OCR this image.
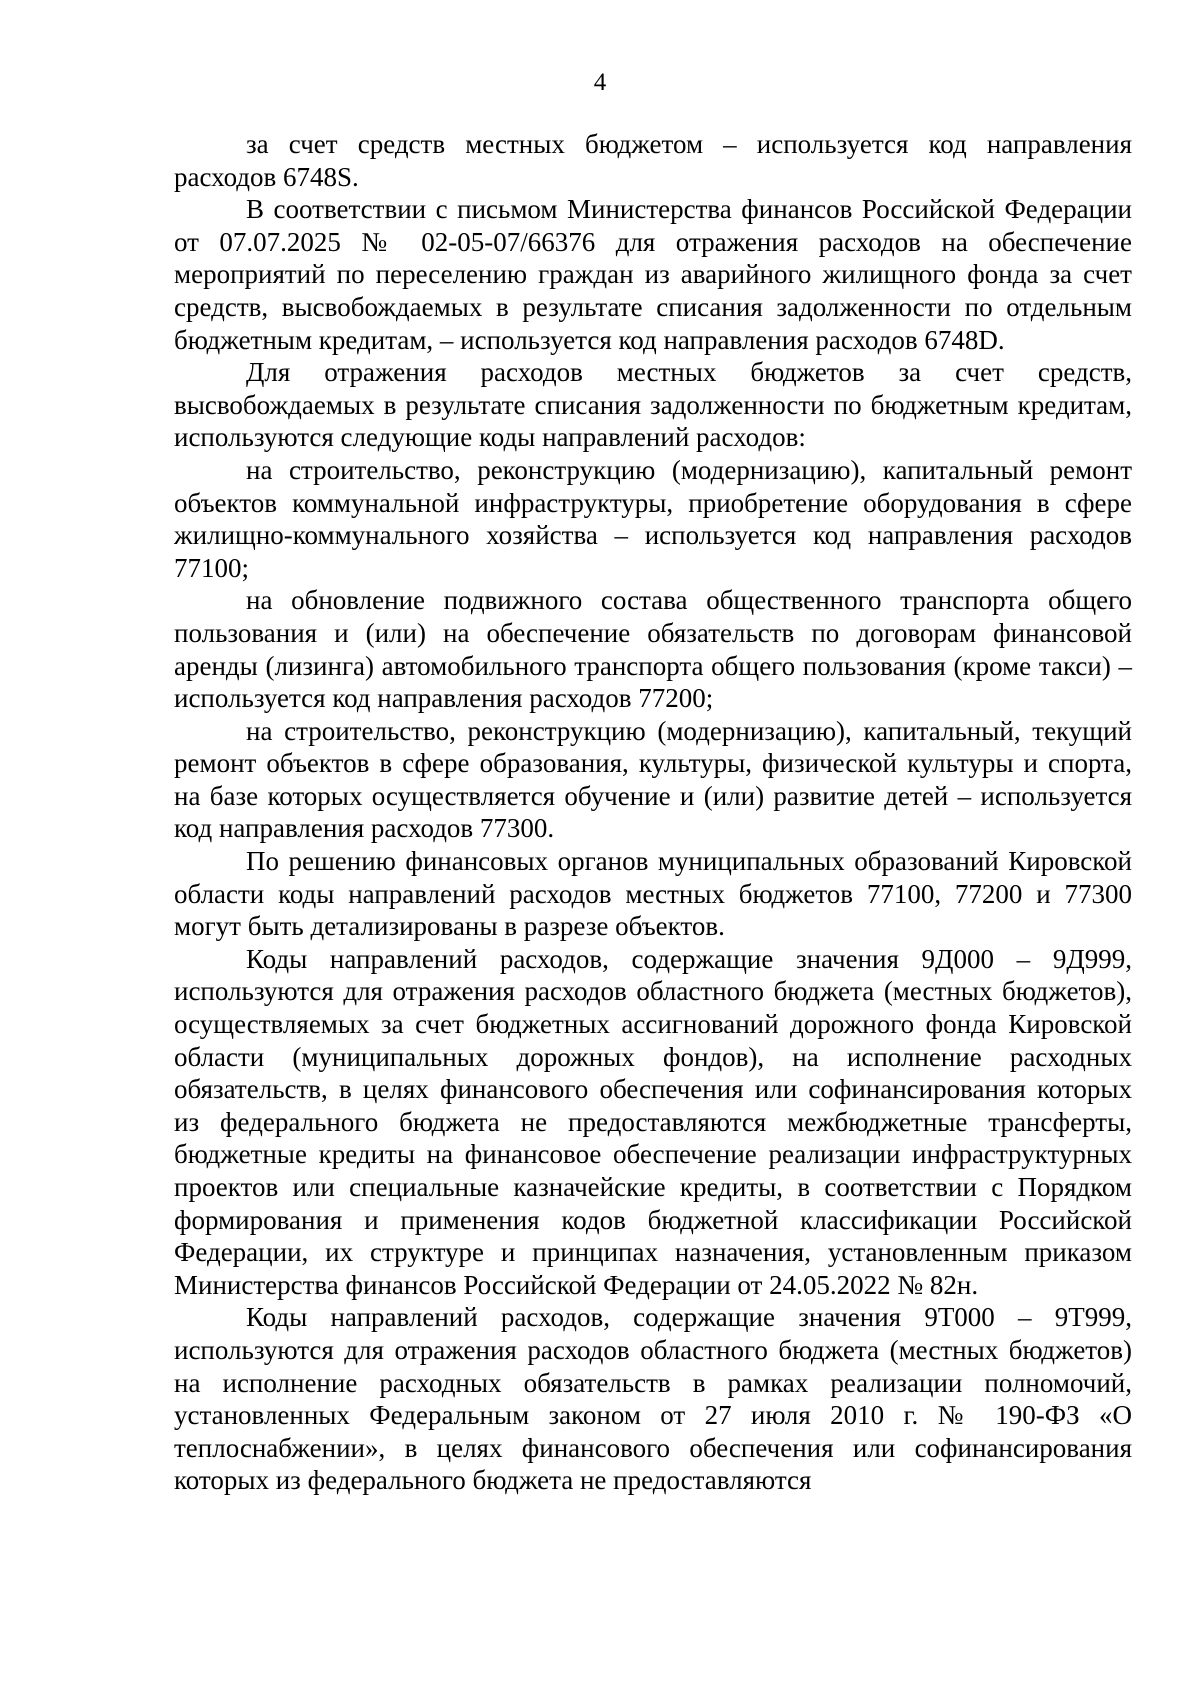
4

за счет средств местных бюджетом – используется код направления расходов 6748S.

В соответствии с письмом Министерства финансов Российской Федерации от 07.07.2025 № 02-05-07/66376 для отражения расходов на обеспечение мероприятий по переселению граждан из аварийного жилищного фонда за счет средств, высвобождаемых в результате списания задолженности по отдельным бюджетным кредитам, – используется код направления расходов 6748D.

Для отражения расходов местных бюджетов за счет средств, высвобождаемых в результате списания задолженности по бюджетным кредитам, используются следующие коды направлений расходов:

на строительство, реконструкцию (модернизацию), капитальный ремонт объектов коммунальной инфраструктуры, приобретение оборудования в сфере жилищно-коммунального хозяйства – используется код направления расходов 77100;

на обновление подвижного состава общественного транспорта общего пользования и (или) на обеспечение обязательств по договорам финансовой аренды (лизинга) автомобильного транспорта общего пользования (кроме такси) – используется код направления расходов 77200;

на строительство, реконструкцию (модернизацию), капитальный, текущий ремонт объектов в сфере образования, культуры, физической культуры и спорта, на базе которых осуществляется обучение и (или) развитие детей – используется код направления расходов 77300.

По решению финансовых органов муниципальных образований Кировской области коды направлений расходов местных бюджетов 77100, 77200 и 77300 могут быть детализированы в разрезе объектов.

Коды направлений расходов, содержащие значения 9Д000 – 9Д999, используются для отражения расходов областного бюджета (местных бюджетов), осуществляемых за счет бюджетных ассигнований дорожного фонда Кировской области (муниципальных дорожных фондов), на исполнение расходных обязательств, в целях финансового обеспечения или софинансирования которых из федерального бюджета не предоставляются межбюджетные трансферты, бюджетные кредиты на финансовое обеспечение реализации инфраструктурных проектов или специальные казначейские кредиты, в соответствии с Порядком формирования и применения кодов бюджетной классификации Российской Федерации, их структуре и принципах назначения, установленным приказом Министерства финансов Российской Федерации от 24.05.2022 № 82н.

Коды направлений расходов, содержащие значения 9Т000 – 9Т999, используются для отражения расходов областного бюджета (местных бюджетов) на исполнение расходных обязательств в рамках реализации полномочий, установленных Федеральным законом от 27 июля 2010 г. № 190-ФЗ «О теплоснабжении», в целях финансового обеспечения или софинансирования которых из федерального бюджета не предоставляются
